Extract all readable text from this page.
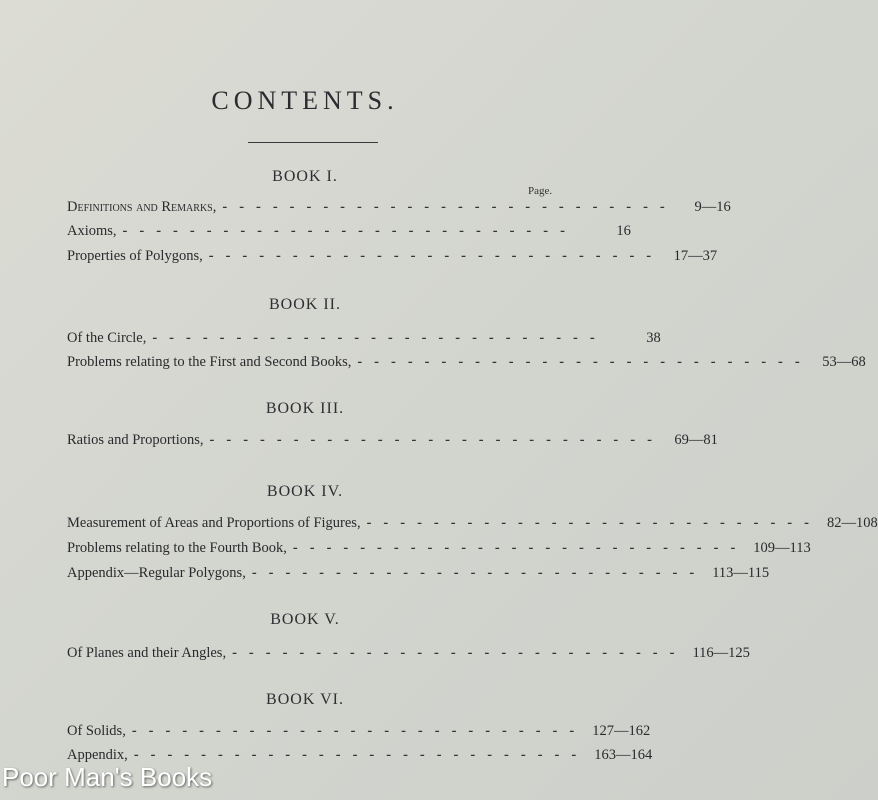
CONTENTS.
Page.
BOOK I.
Definitions and Remarks, ---------------------------	9—16
Axioms, ---------------------------	16
Properties of Polygons, --------------------------- 17—37
BOOK II.
Of the Circle, ---------------------------	38
Problems relating to the First and Second Books, --------------------------- 53—68
BOOK III.
Ratios and Proportions, --------------------------- 69—81
BOOK IV.
Measurement of Areas and Proportions of Figures, --------------------------- 82—108
Problems relating to the Fourth Book, --------------------------- 109—113
Appendix—Regular Polygons, --------------------------- 113—115
BOOK V.
Of Planes and their Angles, --------------------------- 116—125
BOOK VI.
Of Solids, --------------------------- 127—162
Appendix, --------------------------- 163—164
Poor Man's Books
